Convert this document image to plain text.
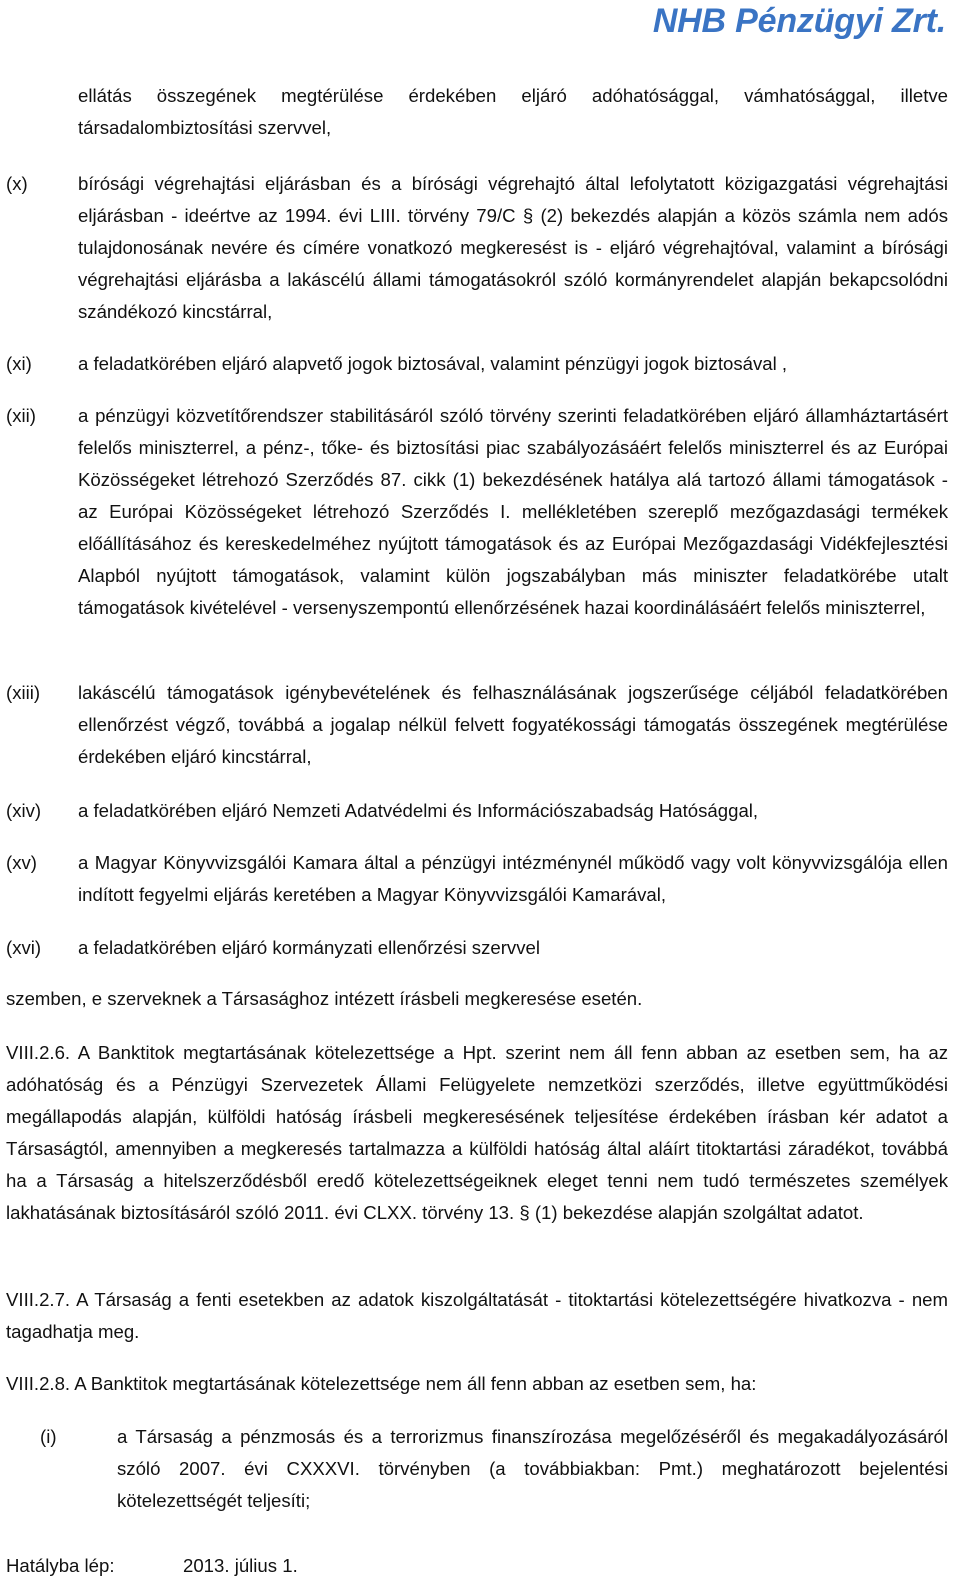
NHB Pénzügyi Zrt.
ellátás összegének megtérülése érdekében eljáró adóhatósággal, vámhatósággal, illetve társadalombiztosítási szervvel,
(x)	bírósági végrehajtási eljárásban és a bírósági végrehajtó által lefolytatott közigazgatási végrehajtási eljárásban - ideértve az 1994. évi LIII. törvény 79/C § (2) bekezdés alapján a közös számla nem adós tulajdonosának nevére és címére vonatkozó megkeresést is - eljáró végrehajtóval, valamint a bírósági végrehajtási eljárásba a lakáscélú állami támogatásokról szóló kormányrendelet alapján bekapcsolódni szándékozó kincstárral,
(xi) a feladatkörében eljáró alapvető jogok biztosával, valamint pénzügyi jogok biztosával ,
(xii) a pénzügyi közvetítőrendszer stabilitásáról szóló törvény szerinti feladatkörében eljáró államháztartásért felelős miniszterrel, a pénz-, tőke- és biztosítási piac szabályozásáért felelős miniszterrel és az Európai Közösségeket létrehozó Szerződés 87. cikk (1) bekezdésének hatálya alá tartozó állami támogatások - az Európai Közösségeket létrehozó Szerződés I. mellékletében szereplő mezőgazdasági termékek előállításához és kereskedelméhez nyújtott támogatások és az Európai Mezőgazdasági Vidékfejlesztési Alapból nyújtott támogatások, valamint külön jogszabályban más miniszter feladatkörébe utalt támogatások kivételével - versenyszempontú ellenőrzésének hazai koordinálásáért felelős miniszterrel,
(xiii) lakáscélú támogatások igénybevételének és felhasználásának jogszerűsége céljából feladatkörében ellenőrzést végző, továbbá a jogalap nélkül felvett fogyatékossági támogatás összegének megtérülése érdekében eljáró kincstárral,
(xiv) a feladatkörében eljáró Nemzeti Adatvédelmi és Információszabadság Hatósággal,
(xv) a Magyar Könyvvizsgálói Kamara által a pénzügyi intézménynél működő vagy volt könyvvizsgálója ellen indított fegyelmi eljárás keretében a Magyar Könyvvizsgálói Kamarával,
(xvi) a feladatkörében eljáró kormányzati ellenőrzési szervvel
szemben, e szerveknek a Társasághoz intézett írásbeli megkeresése esetén.
VIII.2.6. A Banktitok megtartásának kötelezettsége a Hpt. szerint nem áll fenn abban az esetben sem, ha az adóhatóság és a Pénzügyi Szervezetek Állami Felügyelete nemzetközi szerződés, illetve együttműködési megállapodás alapján, külföldi hatóság írásbeli megkeresésének teljesítése érdekében írásban kér adatot a Társaságtól, amennyiben a megkeresés tartalmazza a külföldi hatóság által aláírt titoktartási záradékot, továbbá ha a Társaság a hitelszerződésből eredő kötelezettségeiknek eleget tenni nem tudó természetes személyek lakhatásának biztosításáról szóló 2011. évi CLXX. törvény 13. § (1) bekezdése alapján szolgáltat adatot.
VIII.2.7. A Társaság a fenti esetekben az adatok kiszolgáltatását - titoktartási kötelezettségére hivatkozva - nem tagadhatja meg.
VIII.2.8. A Banktitok megtartásának kötelezettsége nem áll fenn abban az esetben sem, ha:
(i)	a Társaság a pénzmosás és a terrorizmus finanszírozása megelőzéséről és megakadályozásáról szóló 2007. évi CXXXVI. törvényben (a továbbiakban: Pmt.) meghatározott bejelentési kötelezettségét teljesíti;
Hatályba lép:	2013. július 1.
